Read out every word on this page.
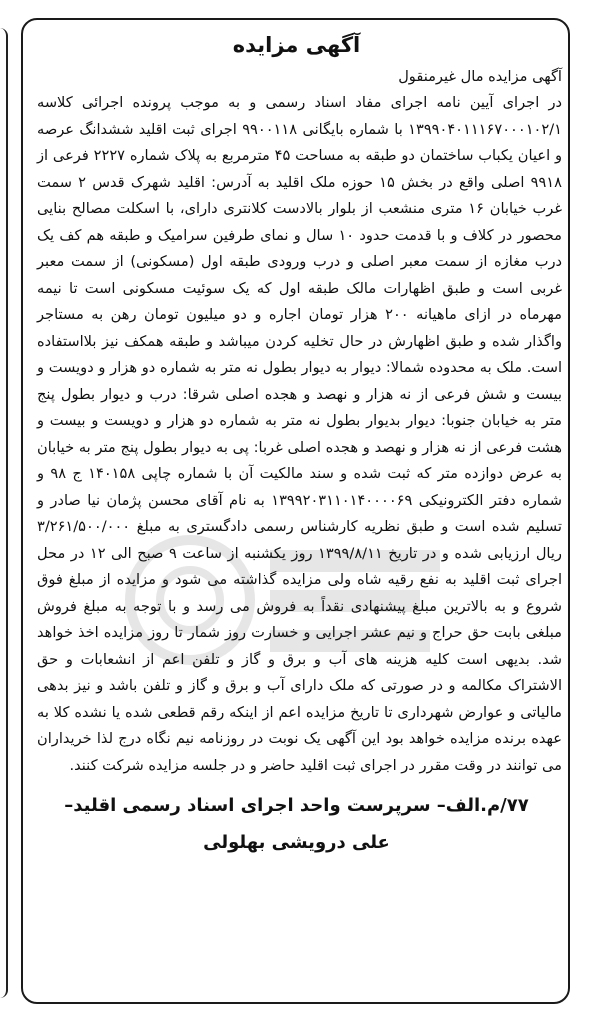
آگهی مزایده

آگهی مزایده مال غیرمنقول

در اجرای آیین نامه اجرای مفاد اسناد رسمی و به موجب پرونده اجرائی کلاسه ۱۳۹۹۰۴۰۱۱۱۶۷۰۰۰۱۰۲/۱ با شماره بایگانی ۹۹۰۰۱۱۸ اجرای ثبت اقلید ششدانگ عرصه و اعیان یکباب ساختمان دو طبقه به مساحت ۴۵ مترمربع به پلاک شماره ۲۲۲۷ فرعی از ۹۹۱۸ اصلی واقع در بخش ۱۵ حوزه ملک اقلید به آدرس: اقلید شهرک قدس ۲ سمت غرب خیابان ۱۶ متری منشعب از بلوار بالادست کلانتری دارای، با اسکلت مصالح بنایی محصور در کلاف و با قدمت حدود ۱۰ سال و نمای طرفین سرامیک و طبقه هم کف یک درب مغازه از سمت معبر اصلی و درب ورودی طبقه اول (مسکونی) از سمت معبر غربی است و طبق اظهارات مالک طبقه اول که یک سوئیت مسکونی است تا نیمه مهرماه در ازای ماهیانه ۲۰۰ هزار تومان اجاره و دو میلیون تومان رهن به مستاجر واگذار شده و طبق اظهارش در حال تخلیه کردن میباشد و طبقه همکف نیز بلااستفاده است. ملک به محدوده شمالا: دیوار به دیوار بطول نه متر به شماره دو هزار و دویست و بیست و شش فرعی از نه هزار و نهصد و هجده اصلی شرقا: درب و دیوار بطول پنج متر به خیابان جنوبا: دیوار بدیوار بطول نه متر به شماره دو هزار و دویست و بیست و هشت فرعی از نه هزار و نهصد و هجده اصلی غربا: پی به دیوار بطول پنج متر به خیابان به عرض دوازده متر که ثبت شده و سند مالکیت آن با شماره چاپی ۱۴۰۱۵۸ ج ۹۸ و شماره دفتر الکترونیکی ۱۳۹۹۲۰۳۱۱۰۱۴۰۰۰۰۶۹ به نام آقای محسن پژمان نیا صادر و تسلیم شده است و طبق نظریه کارشناس رسمی دادگستری به مبلغ ۳/۲۶۱/۵۰۰/۰۰۰ ریال ارزیابی شده و در تاریخ ۱۳۹۹/۸/۱۱ روز یکشنبه از ساعت ۹ صبح الی ۱۲ در محل اجرای ثبت اقلید به نفع رقیه شاه ولی مزایده گذاشته می شود و مزایده از مبلغ فوق شروع و به بالاترین مبلغ پیشنهادی نقداً به فروش می رسد و با توجه به مبلغ فروش مبلغی بابت حق حراج و نیم عشر اجرایی و خسارت روز شمار تا روز مزایده اخذ خواهد شد. بدیهی است کلیه هزینه های آب و برق و گاز و تلفن اعم از انشعابات و حق الاشتراک مکالمه و در صورتی که ملک دارای آب و برق و گاز و تلفن باشد و نیز بدهی مالیاتی و عوارض شهرداری تا تاریخ مزایده اعم از اینکه رقم قطعی شده یا نشده کلا به عهده برنده مزایده خواهد بود این آگهی یک نوبت در روزنامه نیم نگاه درج لذا خریداران می توانند در وقت مقرر در اجرای ثبت اقلید حاضر و در جلسه مزایده شرکت کنند.

۷۷/م.الف– سرپرست واحد اجرای اسناد رسمی اقلید–

علی درویشی بهلولی
